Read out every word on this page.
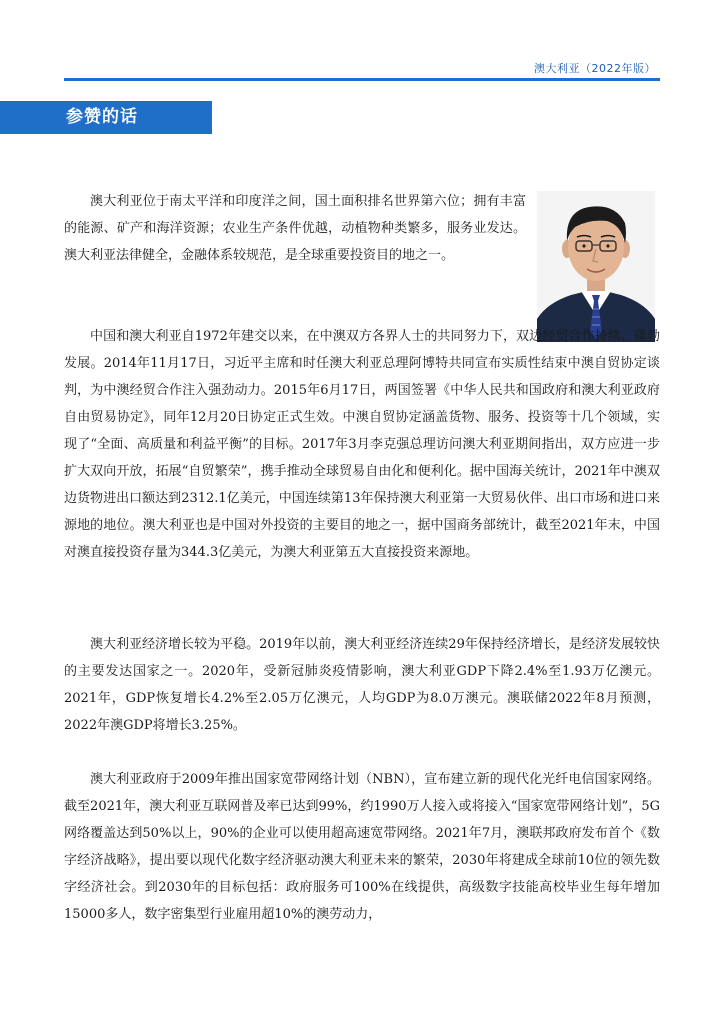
澳大利亚（2022年版）
参赞的话

澳大利亚位于南太平洋和印度洋之间，国土面积排名世界第六位；拥有丰富的能源、矿产和海洋资源；农业生产条件优越，动植物种类繁多，服务业发达。澳大利亚法律健全，金融体系较规范，是全球重要投资目的地之一。

中国和澳大利亚自1972年建交以来，在中澳双方各界人士的共同努力下，双边经贸合作持续、蓬勃发展。2014年11月17日，习近平主席和时任澳大利亚总理阿博特共同宣布实质性结束中澳自贸协定谈判，为中澳经贸合作注入强劲动力。2015年6月17日，两国签署《中华人民共和国政府和澳大利亚政府自由贸易协定》，同年12月20日协定正式生效。中澳自贸协定涵盖货物、服务、投资等十几个领域，实现了“全面、高质量和利益平衡”的目标。2017年3月李克强总理访问澳大利亚期间指出，双方应进一步扩大双向开放，拓展“自贸繁荣”，携手推动全球贸易自由化和便利化。据中国海关统计，2021年中澳双边货物进出口额达到2312.1亿美元，中国连续第13年保持澳大利亚第一大贸易伙伴、出口市场和进口来源地的地位。澳大利亚也是中国对外投资的主要目的地之一，据中国商务部统计，截至2021年末，中国对澳直接投资存量为344.3亿美元，为澳大利亚第五大直接投资来源地。

澳大利亚经济增长较为平稳。2019年以前，澳大利亚经济连续29年保持经济增长，是经济发展较快的主要发达国家之一。2020年，受新冠肺炎疫情影响，澳大利亚GDP下降2.4%至1.93万亿澳元。2021年，GDP恢复增长4.2%至2.05万亿澳元，人均GDP为8.0万澳元。澳联储2022年8月预测，2022年澳GDP将增长3.25%。

澳大利亚政府于2009年推出国家宽带网络计划（NBN），宣布建立新的现代化光纤电信国家网络。截至2021年，澳大利亚互联网普及率已达到99%，约1990万人接入或将接入“国家宽带网络计划”，5G网络覆盖达到50%以上，90%的企业可以使用超高速宽带网络。2021年7月，澳联邦政府发布首个《数字经济战略》，提出要以现代化数字经济驱动澳大利亚未来的繁荣，2030年将建成全球前10位的领先数字经济社会。到2030年的目标包括：政府服务可100%在线提供，高级数字技能高校毕业生每年增加15000多人，数字密集型行业雇用超10%的澳劳动力，
